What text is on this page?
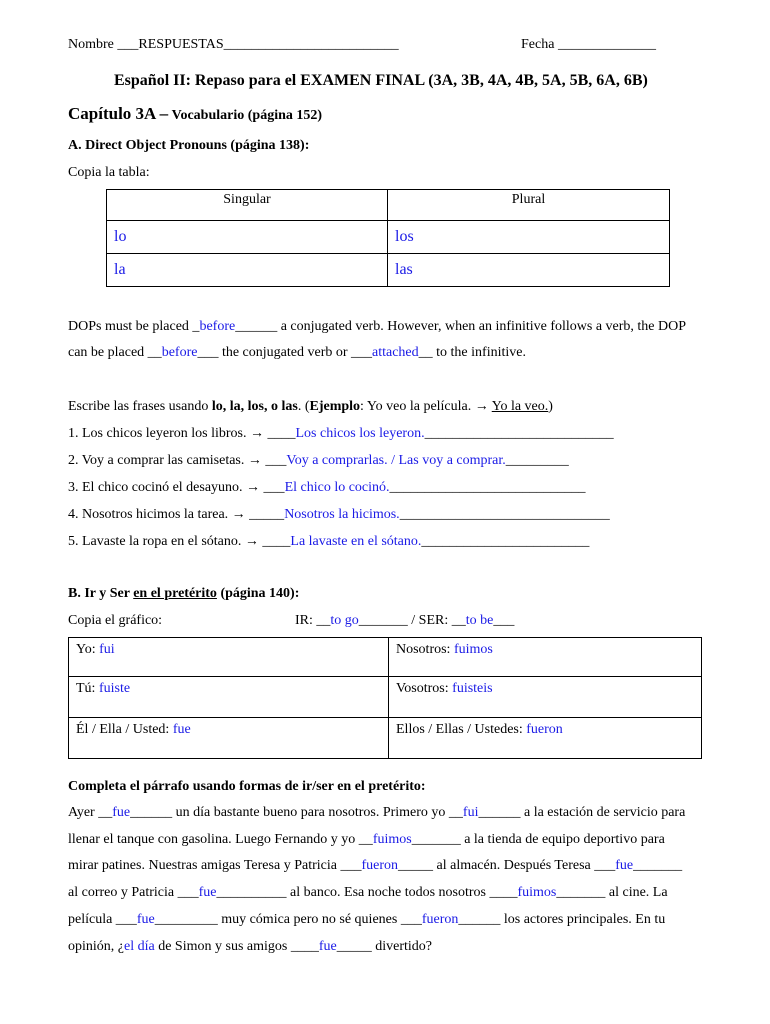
Nombre ___RESPUESTAS_________________________	Fecha ______________
Español II: Repaso para el EXAMEN FINAL (3A, 3B, 4A, 4B, 5A, 5B, 6A, 6B)
Capítulo 3A – Vocabulario (página 152)
A. Direct Object Pronouns (página 138):
Copia la tabla:
Singular	Plural
lo	los
la	las
DOPs must be placed _before______ a conjugated verb. However, when an infinitive follows a verb, the DOP
can be placed __before___ the conjugated verb or ___attached__ to the infinitive.
Escribe las frases usando lo, la, los, o las. (Ejemplo: Yo veo la película. → Yo la veo.)
1. Los chicos leyeron los libros. → ____Los chicos los leyeron.___________________________
2. Voy a comprar las camisetas. → ___Voy a comprarlas. / Las voy a comprar._________
3. El chico cocinó el desayuno. → ___El chico lo cocinó.____________________________
4. Nosotros hicimos la tarea. → _____Nosotros la hicimos.______________________________
5. Lavaste la ropa en el sótano. → ____La lavaste en el sótano.________________________
B. Ir y Ser en el pretérito (página 140):
Copia el gráfico:	IR: __to go_______ / SER: __to be___
Yo: fui	Nosotros: fuimos
Tú: fuiste	Vosotros: fuisteis
Él / Ella / Usted: fue	Ellos / Ellas / Ustedes: fueron
Completa el párrafo usando formas de ir/ser en el pretérito:
Ayer __fue______ un día bastante bueno para nosotros. Primero yo __fui______ a la estación de servicio para
llenar el tanque con gasolina. Luego Fernando y yo __fuimos_______ a la tienda de equipo deportivo para
mirar patines. Nuestras amigas Teresa y Patricia ___fueron_____ al almacén. Después Teresa ___fue_______
al correo y Patricia ___fue__________ al banco. Esa noche todos nosotros ____fuimos_______ al cine. La
película ___fue_________ muy cómica pero no sé quienes ___fueron______ los actores principales. En tu
opinión, ¿el día de Simon y sus amigos ____fue_____ divertido?
